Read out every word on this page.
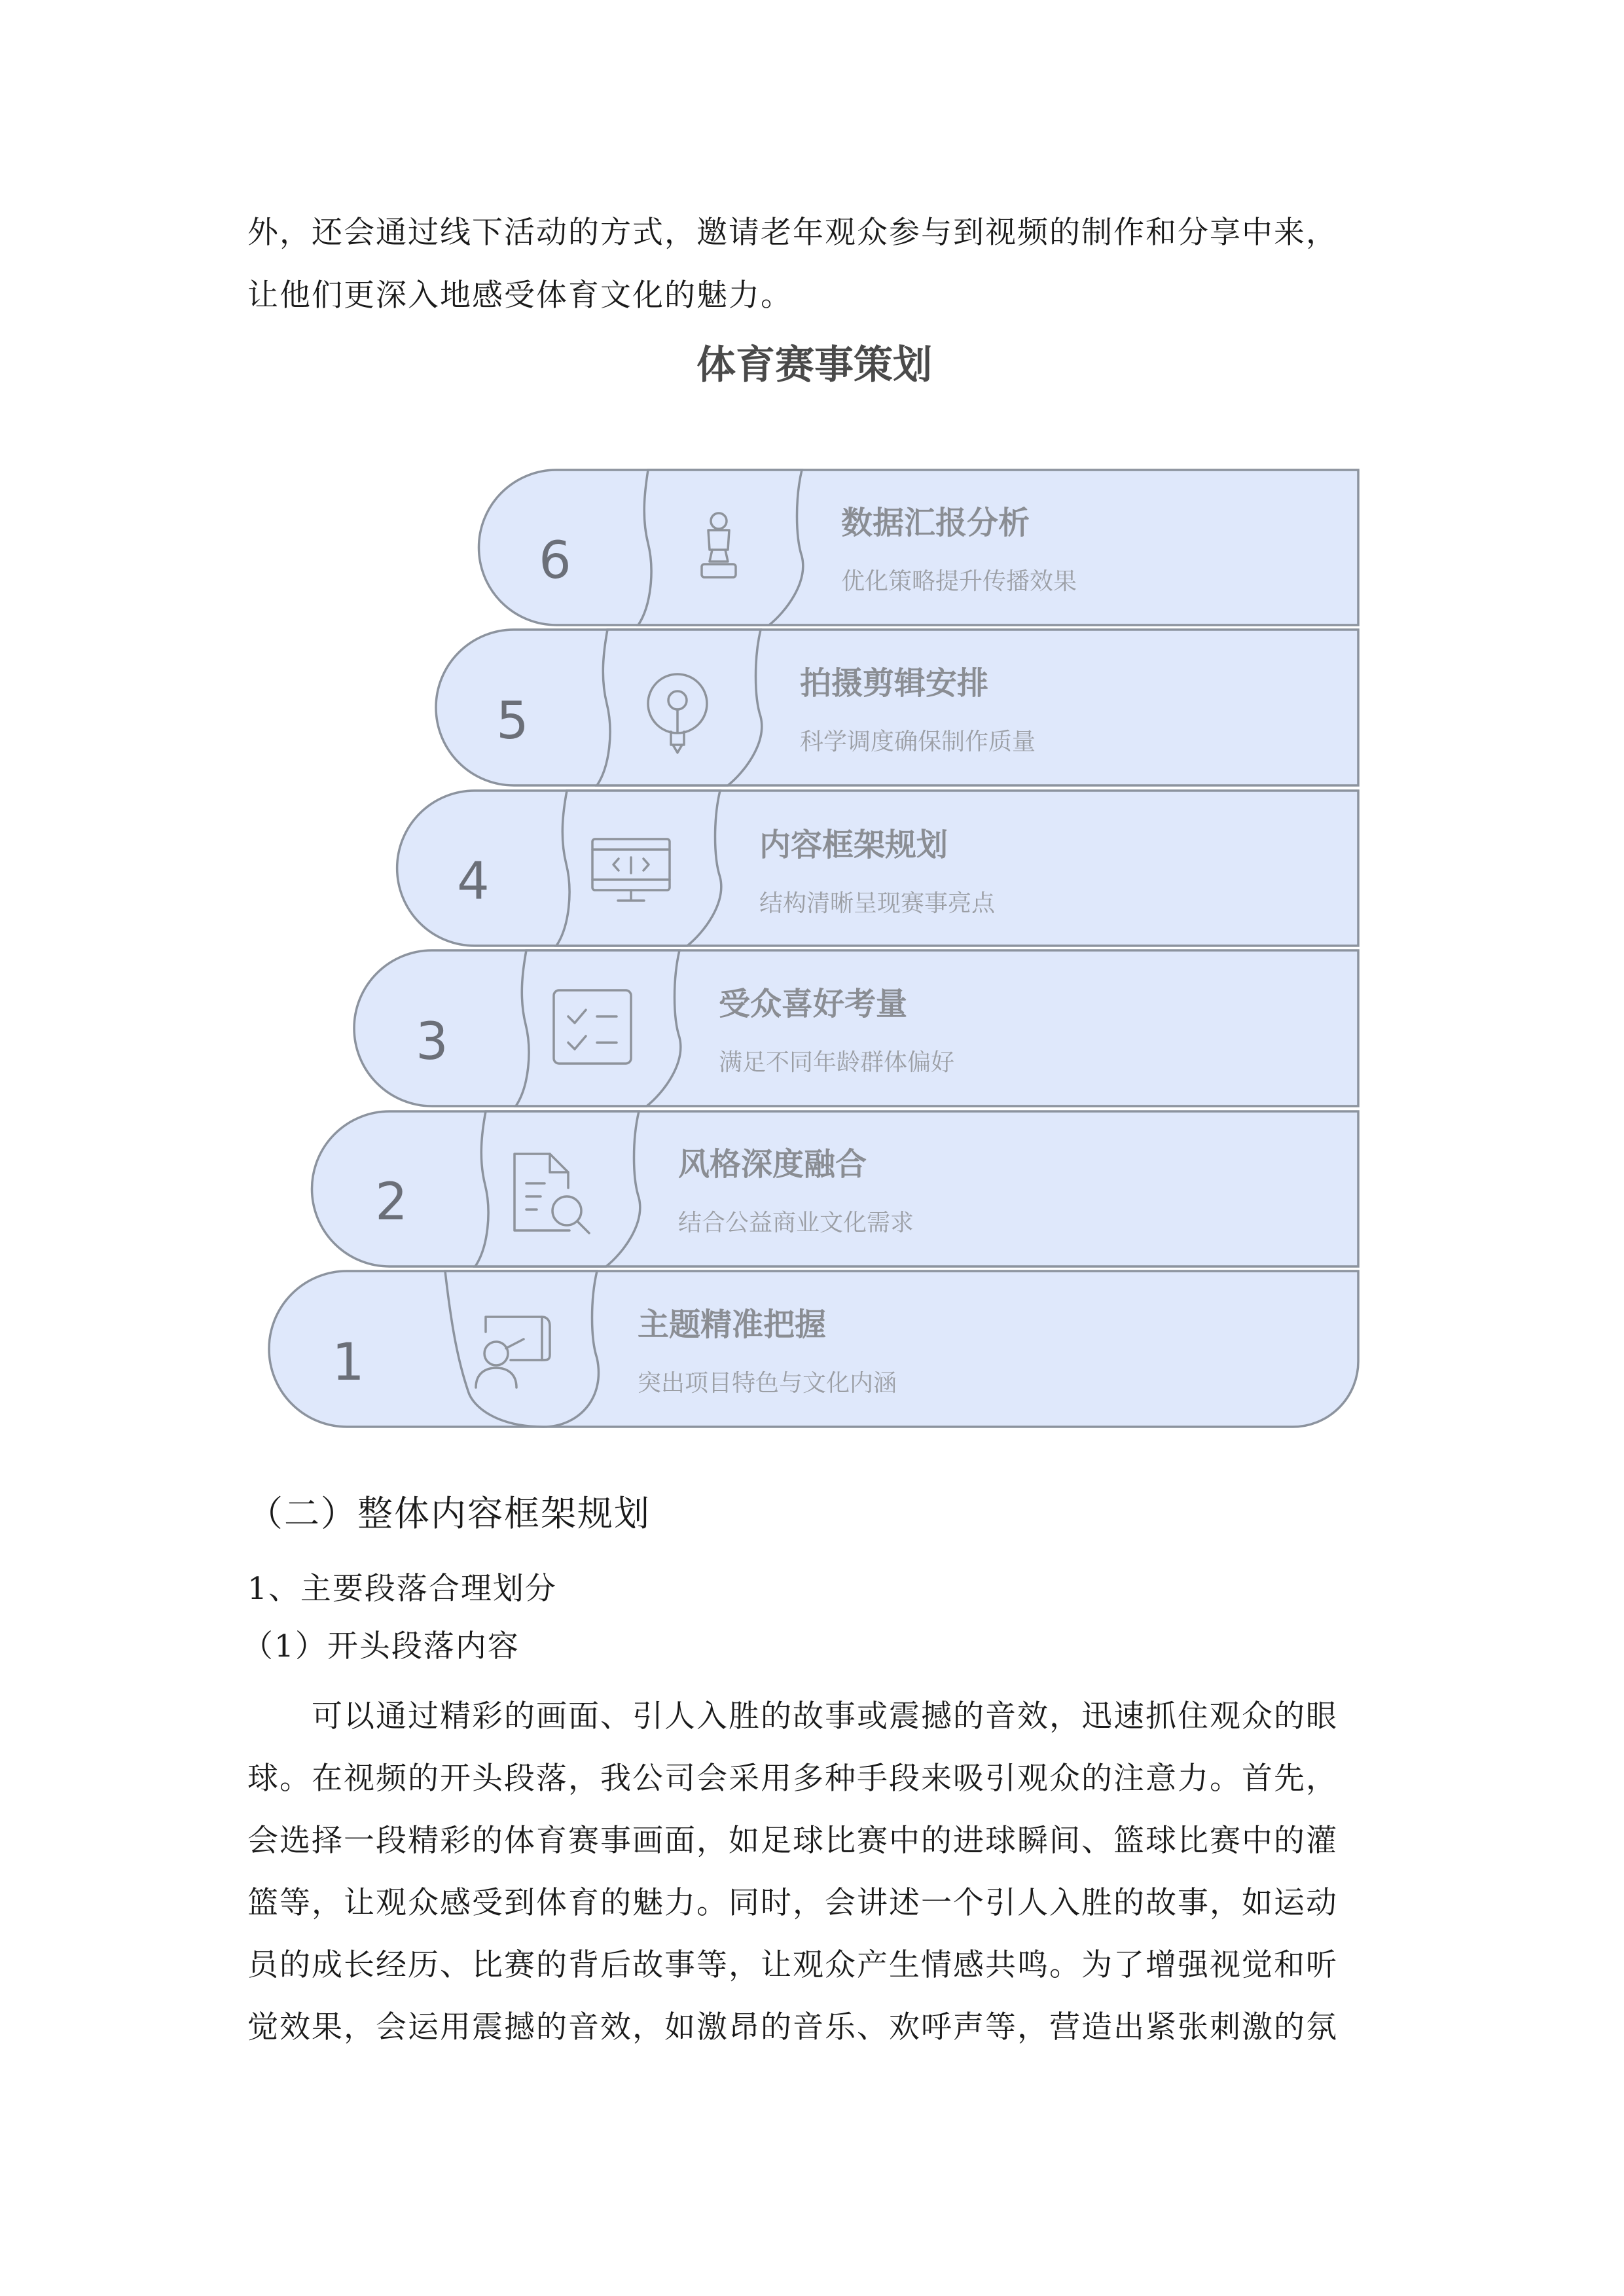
外，还会通过线下活动的方式，邀请老年观众参与到视频的制作和分享中来，

让他们更深入地感受体育文化的魅力。

体育赛事策划
6
数据汇报分析
优化策略提升传播效果
5
拍摄剪辑安排
科学调度确保制作质量
4
内容框架规划
结构清晰呈现赛事亮点
3
受众喜好考量
满足不同年龄群体偏好
2
风格深度融合
结合公益商业文化需求
1
主题精准把握
突出项目特色与文化内涵

（二）整体内容框架规划

1、主要段落合理划分

（1）开头段落内容

　　可以通过精彩的画面、引人入胜的故事或震撼的音效，迅速抓住观众的眼

球。在视频的开头段落，我公司会采用多种手段来吸引观众的注意力。首先，

会选择一段精彩的体育赛事画面，如足球比赛中的进球瞬间、篮球比赛中的灌

篮等，让观众感受到体育的魅力。同时，会讲述一个引人入胜的故事，如运动

员的成长经历、比赛的背后故事等，让观众产生情感共鸣。为了增强视觉和听

觉效果，会运用震撼的音效，如激昂的音乐、欢呼声等，营造出紧张刺激的氛
